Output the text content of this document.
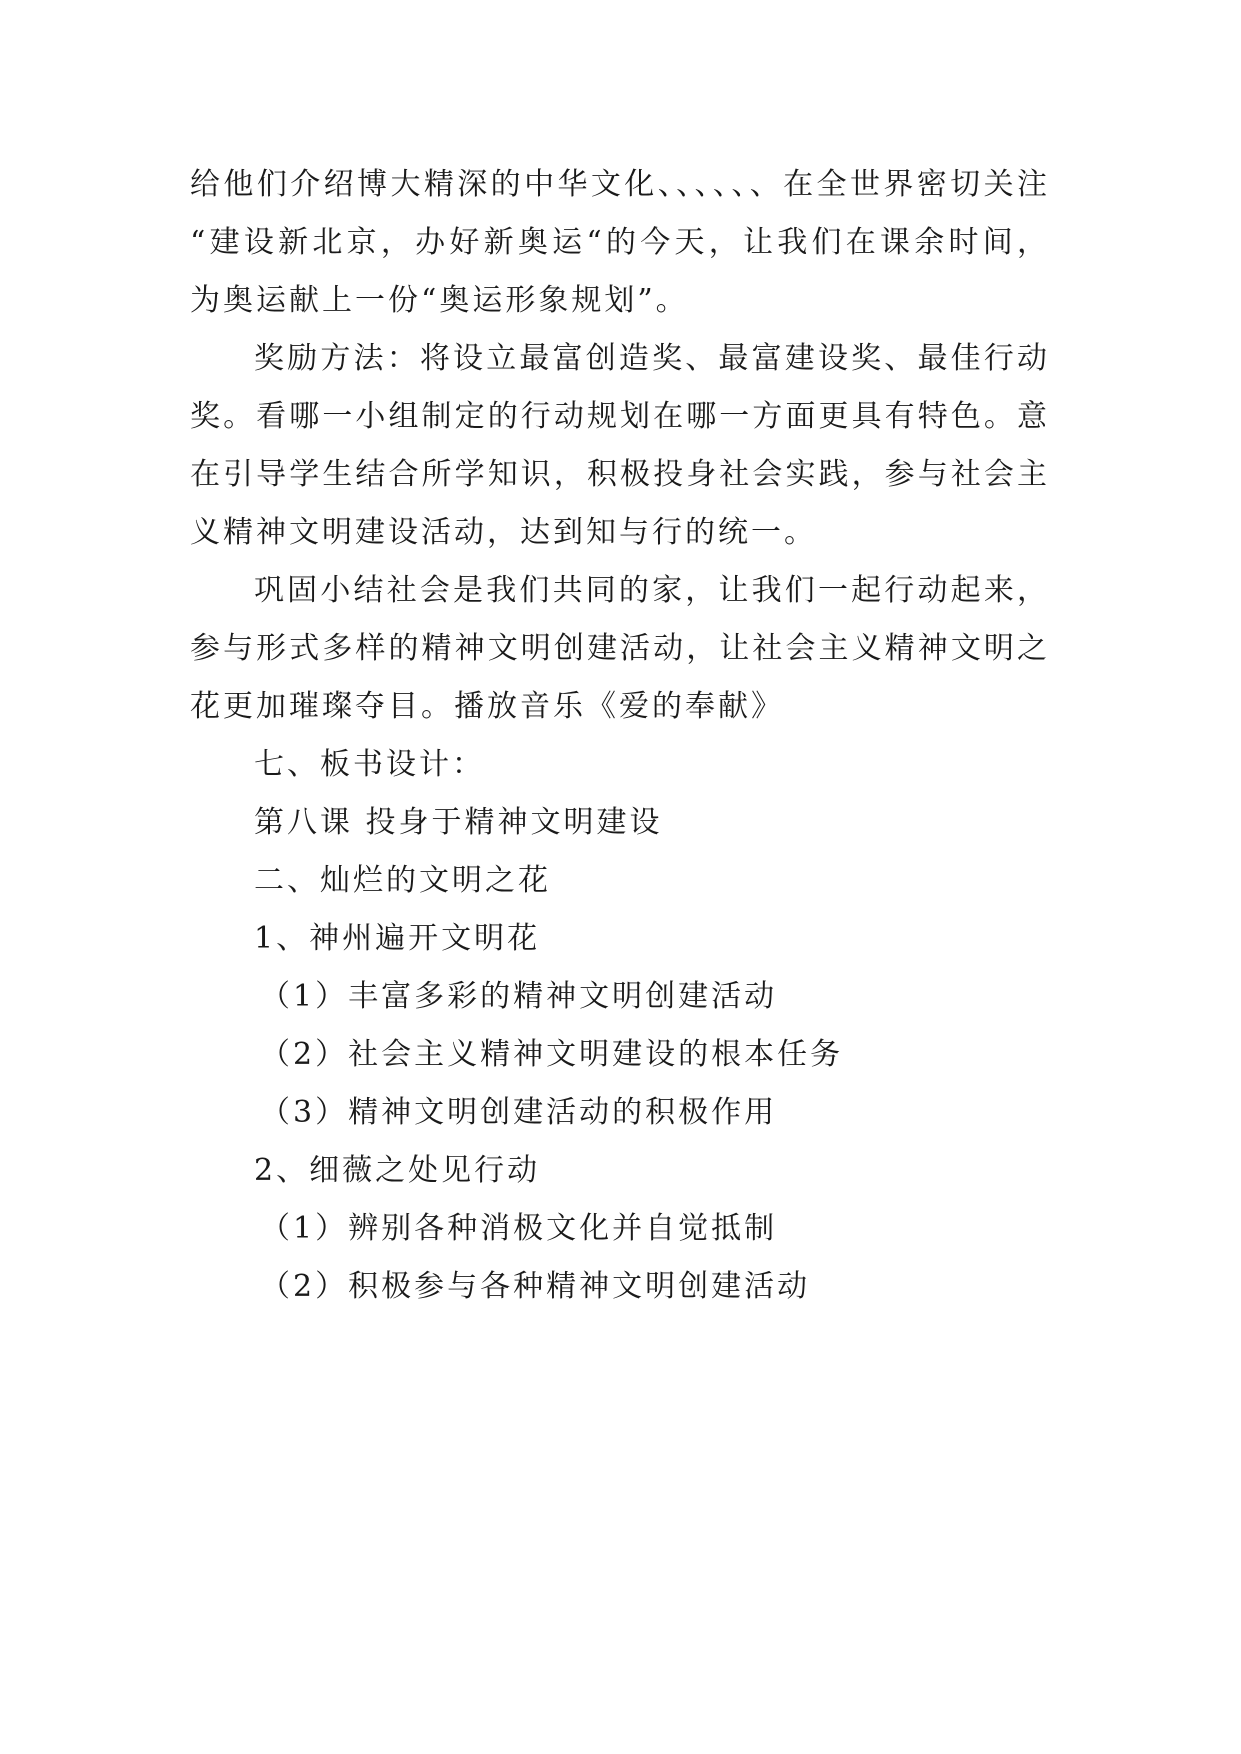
给他们介绍博大精深的中华文化、、、、、、在全世界密切关注
“建设新北京，办好新奥运“的今天，让我们在课余时间，
为奥运献上一份“奥运形象规划”。
奖励方法：将设立最富创造奖、最富建设奖、最佳行动
奖。看哪一小组制定的行动规划在哪一方面更具有特色。意
在引导学生结合所学知识，积极投身社会实践，参与社会主
义精神文明建设活动，达到知与行的统一。
巩固小结社会是我们共同的家，让我们一起行动起来，
参与形式多样的精神文明创建活动，让社会主义精神文明之
花更加璀璨夺目。播放音乐《爱的奉献》
七、板书设计：
第八课 投身于精神文明建设
二、灿烂的文明之花
1、神州遍开文明花
（1）丰富多彩的精神文明创建活动
（2）社会主义精神文明建设的根本任务
（3）精神文明创建活动的积极作用
2、细薇之处见行动
（1）辨别各种消极文化并自觉抵制
（2）积极参与各种精神文明创建活动
